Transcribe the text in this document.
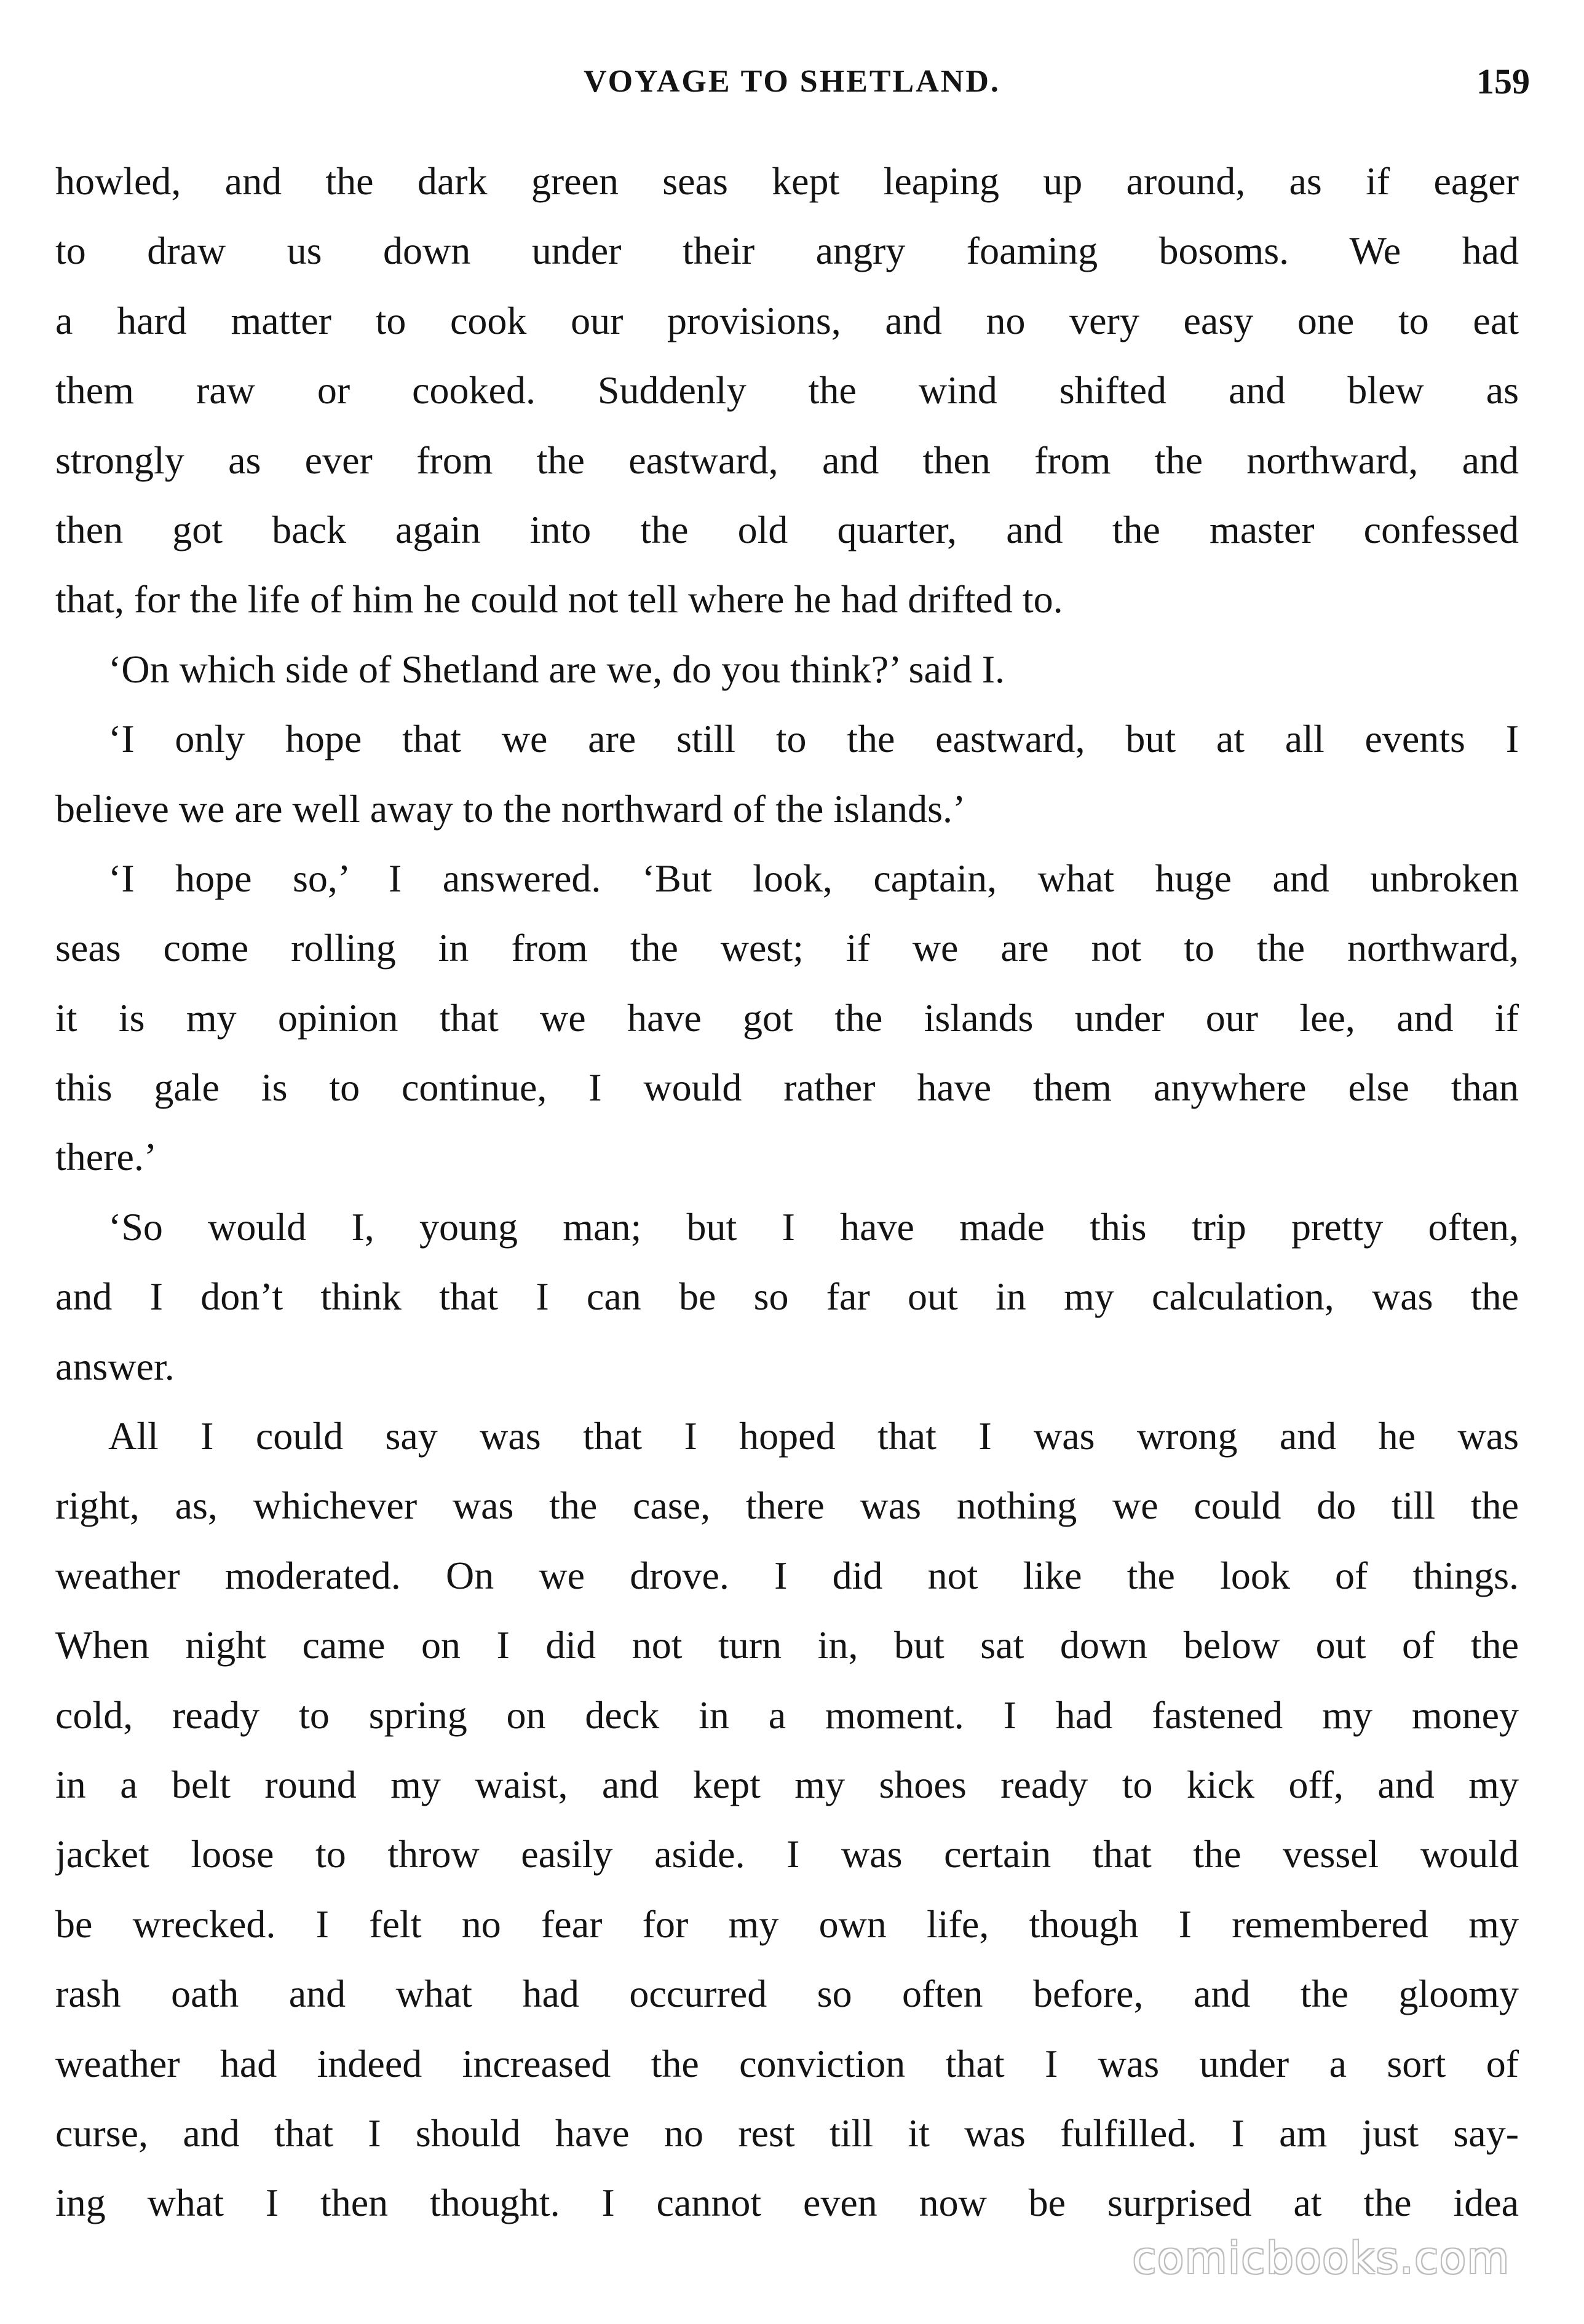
VOYAGE TO SHETLAND.	159
howled, and the dark green seas kept leaping up around, as if eager
to draw us down under their angry foaming bosoms. We had
a hard matter to cook our provisions, and no very easy one to eat
them raw or cooked. Suddenly the wind shifted and blew as
strongly as ever from the eastward, and then from the northward, and
then got back again into the old quarter, and the master confessed
that, for the life of him he could not tell where he had drifted to.
‘On which side of Shetland are we, do you think?’ said I.
‘I only hope that we are still to the eastward, but at all events I
believe we are well away to the northward of the islands.’
‘I hope so,’ I answered. ‘But look, captain, what huge and unbroken
seas come rolling in from the west; if we are not to the northward,
it is my opinion that we have got the islands under our lee, and if
this gale is to continue, I would rather have them anywhere else than
there.’
‘So would I, young man; but I have made this trip pretty often,
and I don’t think that I can be so far out in my calculation, was the
answer.
All I could say was that I hoped that I was wrong and he was
right, as, whichever was the case, there was nothing we could do till the
weather moderated. On we drove. I did not like the look of things.
When night came on I did not turn in, but sat down below out of the
cold, ready to spring on deck in a moment. I had fastened my money
in a belt round my waist, and kept my shoes ready to kick off, and my
jacket loose to throw easily aside. I was certain that the vessel would
be wrecked. I felt no fear for my own life, though I remembered my
rash oath and what had occurred so often before, and the gloomy
weather had indeed increased the conviction that I was under a sort of
curse, and that I should have no rest till it was fulfilled. I am just say-
ing what I then thought. I cannot even now be surprised at the idea
comicbooks.com
